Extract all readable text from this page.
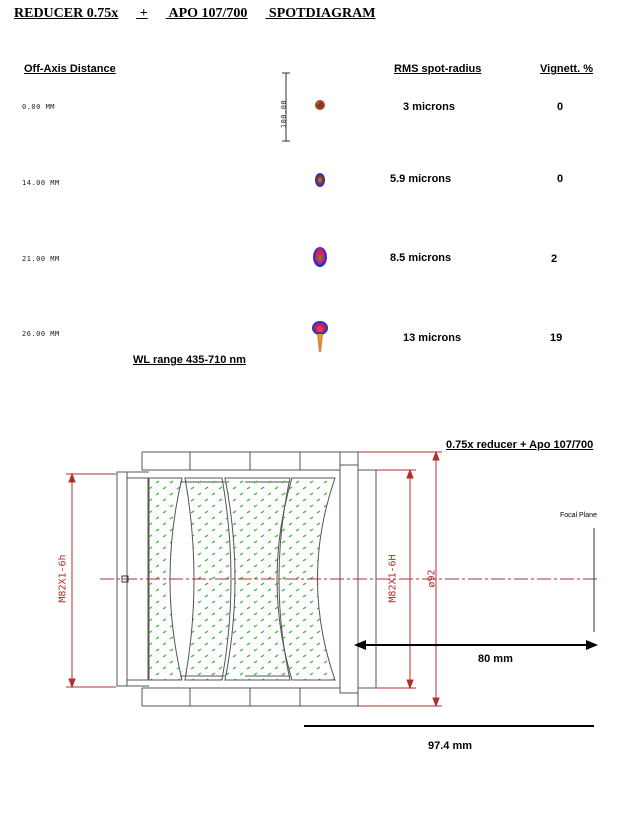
REDUCER 0.75x + APO 107/700 SPOTDIAGRAM
Off-Axis Distance	RMS spot-radius	Vignett. %
100.00
0.00 MM	3 microns	0
14.00 MM	5.9 microns	0
21.00 MM	8.5 microns	2
26.00 MM	13 microns	19
WL range 435-710 nm
0.75x reducer + Apo 107/700
Focal Plane
M82X1-6h	M82X1-6H	ø92
80 mm
97.4 mm
